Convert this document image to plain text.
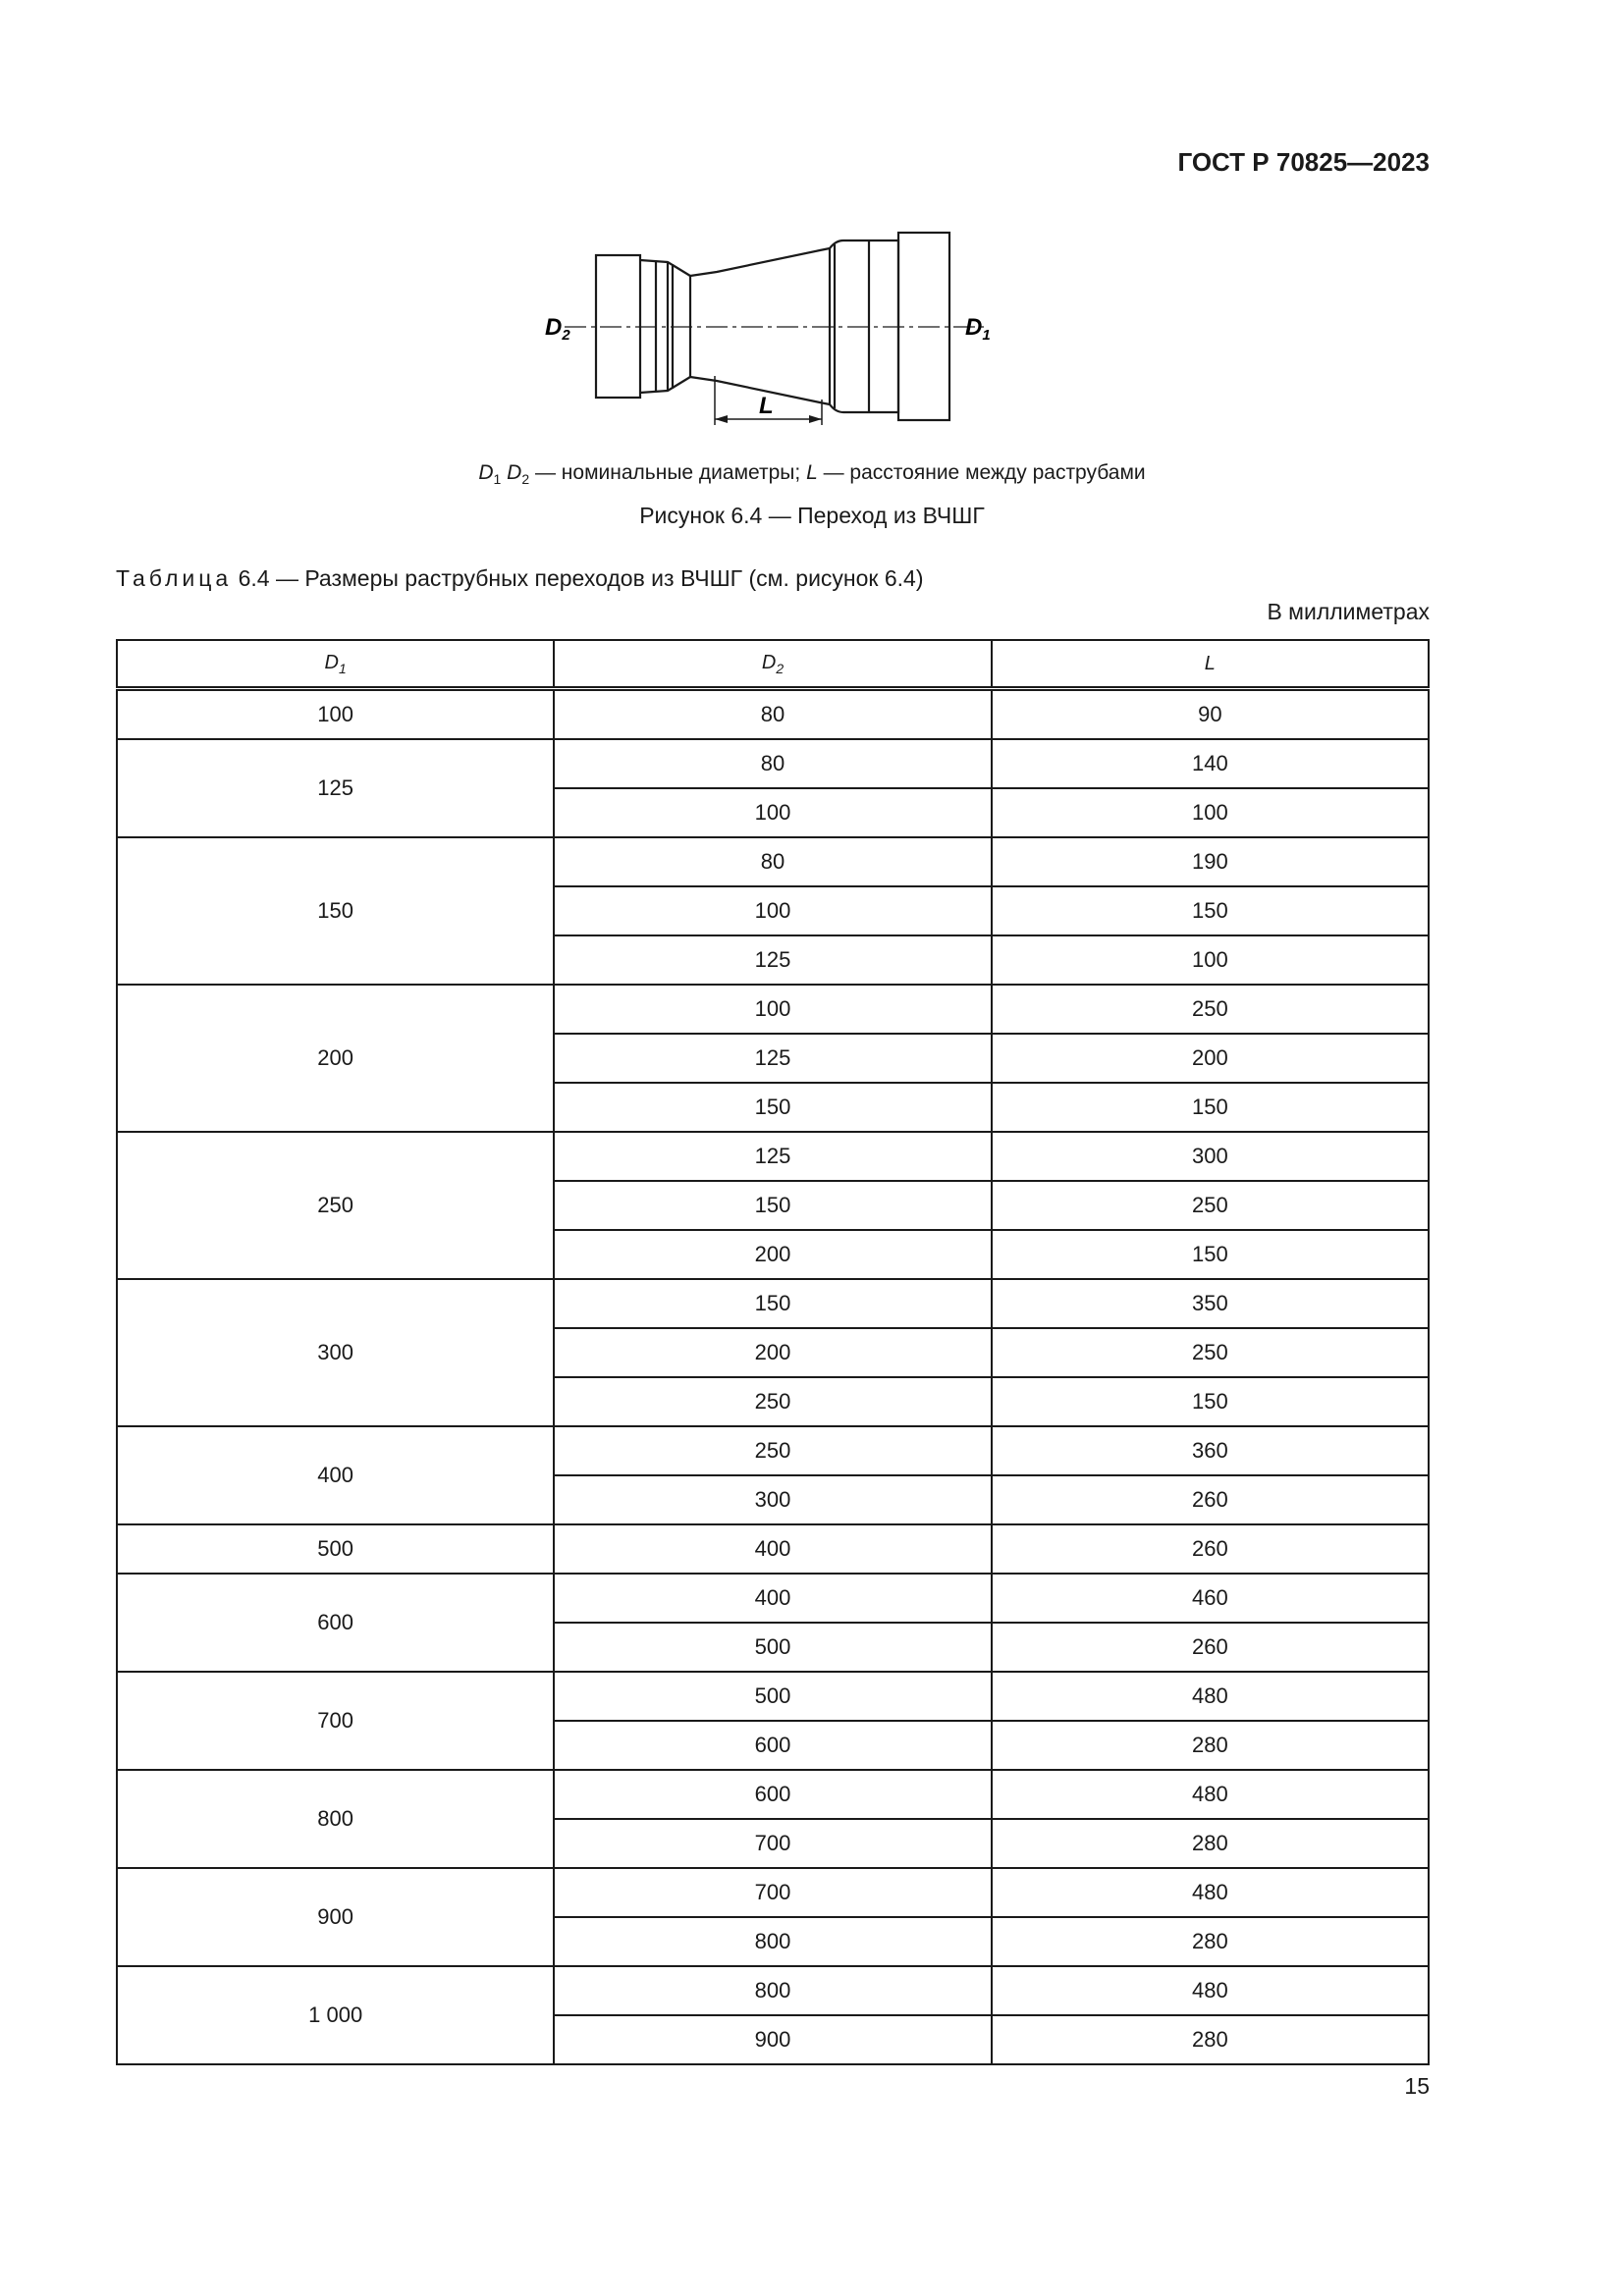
ГОСТ Р 70825—2023
$D_2$	$D_1$
L
$D_1$ $D_2$ — номинальные диаметры; L — расстояние между раструбами
Рисунок 6.4 — Переход из ВЧШГ
Таблица 6.4 — Размеры раструбных переходов из ВЧШГ (см. рисунок 6.4)
В миллиметрах
$D_1$	$D_2$	L
100	80	90
125	80	140
	100	100
150	80	190
	100	150
	125	100
200	100	250
	125	200
	150	150
250	125	300
	150	250
	200	150
300	150	350
	200	250
	250	150
400	250	360
	300	260
500	400	260
600	400	460
	500	260
700	500	480
	600	280
800	600	480
	700	280
900	700	480
	800	280
1 000	800	480
	900	280
15
